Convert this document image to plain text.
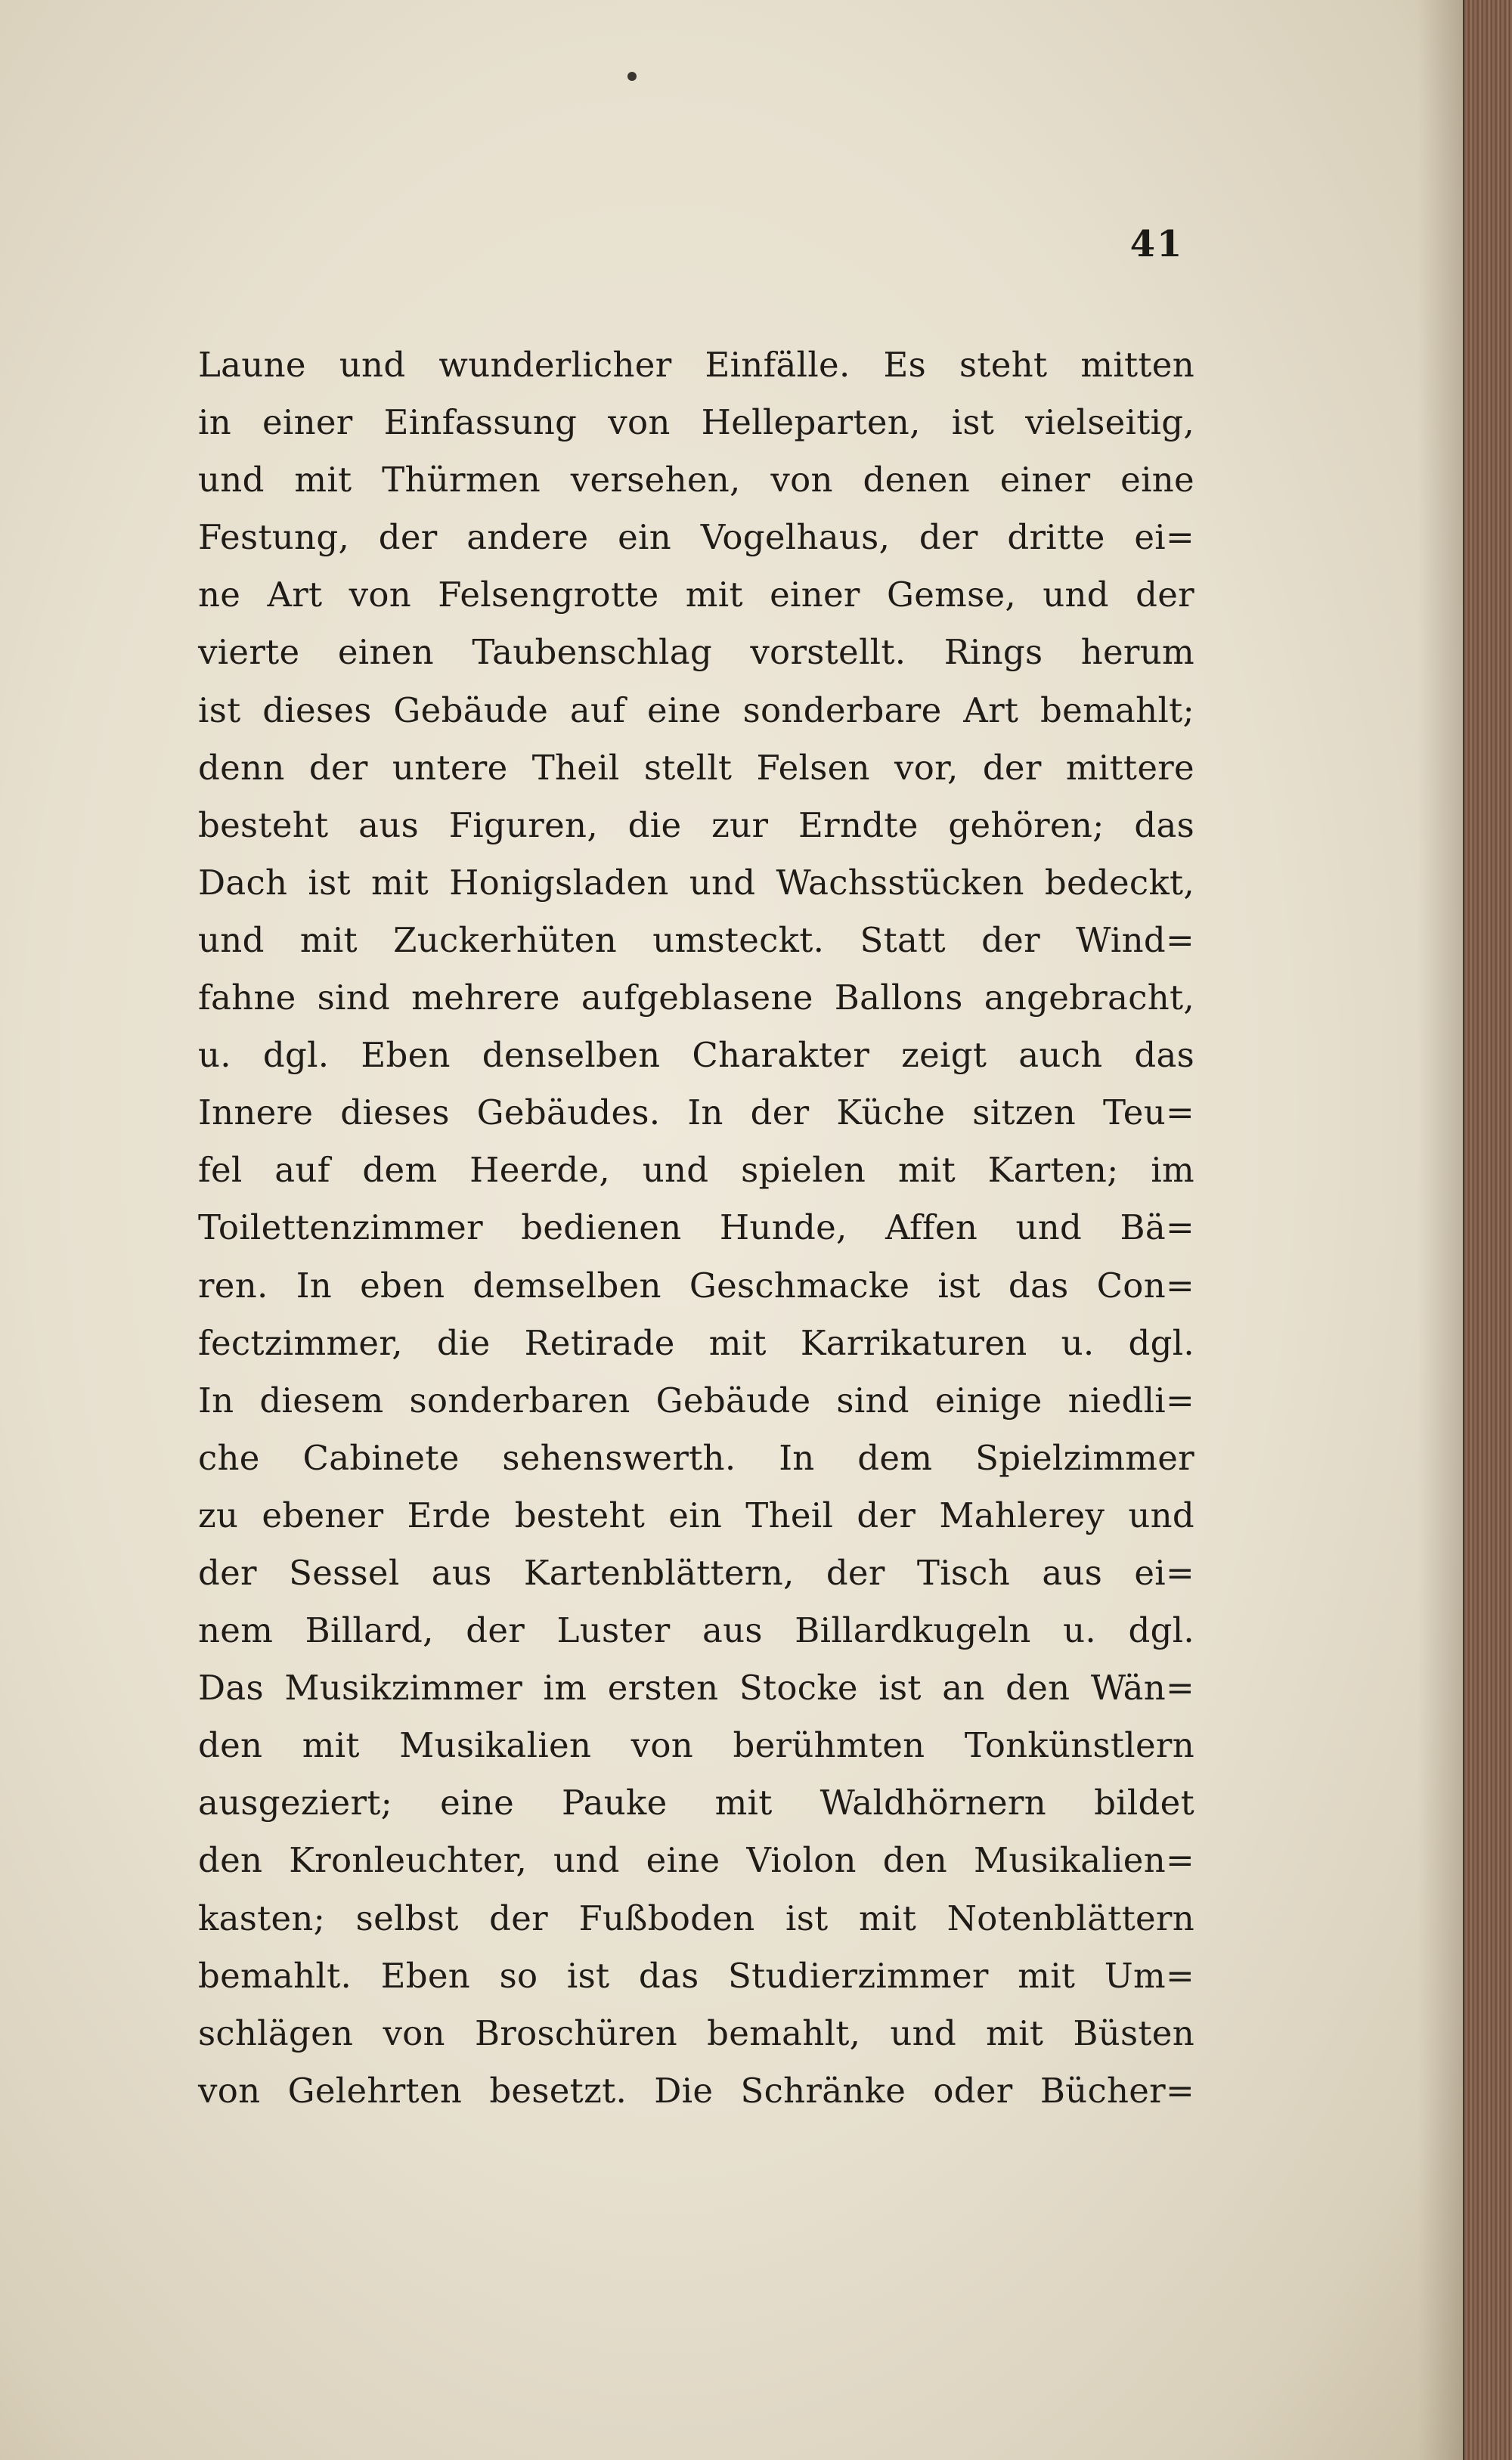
41
Laune und wunderlicher Einfälle. Es steht mitten
in einer Einfassung von Helleparten, ist vielseitig,
und mit Thürmen versehen, von denen einer eine
Festung, der andere ein Vogelhaus, der dritte ei=
ne Art von Felsengrotte mit einer Gemse, und der
vierte einen Taubenschlag vorstellt. Rings herum
ist dieses Gebäude auf eine sonderbare Art bemahlt;
denn der untere Theil stellt Felsen vor, der mittere
besteht aus Figuren, die zur Erndte gehören; das
Dach ist mit Honigsladen und Wachsstücken bedeckt,
und mit Zuckerhüten umsteckt. Statt der Wind=
fahne sind mehrere aufgeblasene Ballons angebracht,
u. dgl. Eben denselben Charakter zeigt auch das
Innere dieses Gebäudes. In der Küche sitzen Teu=
fel auf dem Heerde, und spielen mit Karten; im
Toilettenzimmer bedienen Hunde, Affen und Bä=
ren. In eben demselben Geschmacke ist das Con=
fectzimmer, die Retirade mit Karrikaturen u. dgl.
In diesem sonderbaren Gebäude sind einige niedli=
che Cabinete sehenswerth. In dem Spielzimmer
zu ebener Erde besteht ein Theil der Mahlerey und
der Sessel aus Kartenblättern, der Tisch aus ei=
nem Billard, der Luster aus Billardkugeln u. dgl.
Das Musikzimmer im ersten Stocke ist an den Wän=
den mit Musikalien von berühmten Tonkünstlern
ausgeziert; eine Pauke mit Waldhörnern bildet
den Kronleuchter, und eine Violon den Musikalien=
kasten; selbst der Fußboden ist mit Notenblättern
bemahlt. Eben so ist das Studierzimmer mit Um=
schlägen von Broschüren bemahlt, und mit Büsten
von Gelehrten besetzt. Die Schränke oder Bücher=
